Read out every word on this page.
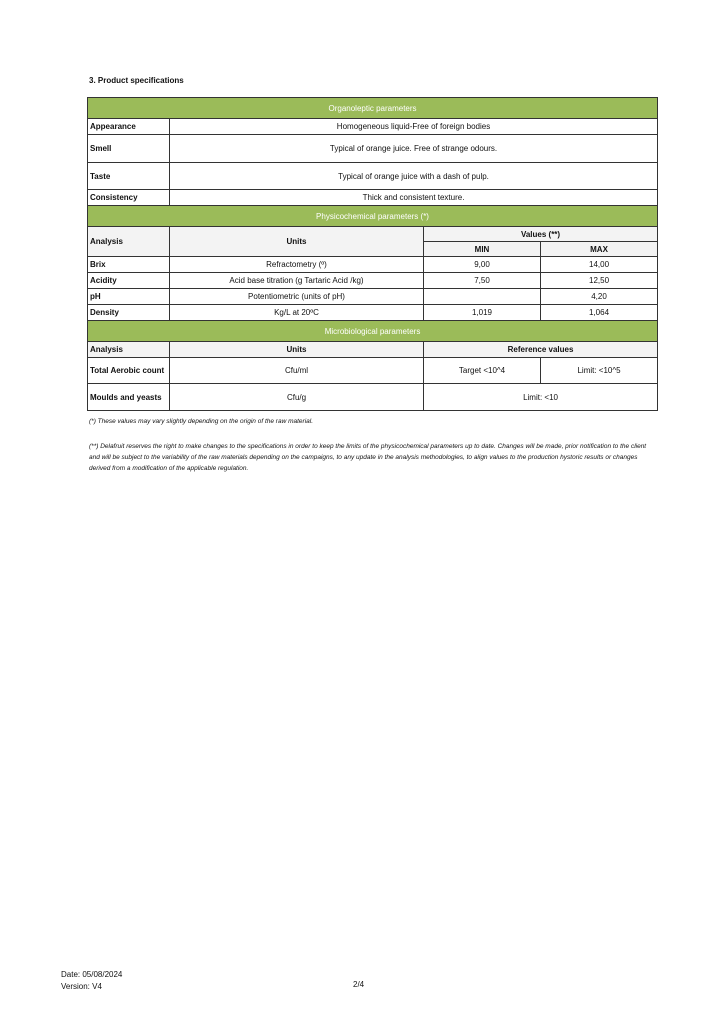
3. Product specifications
Organoleptic parameters			
Appearance	Homogeneous liquid-Free of foreign bodies		
Smell	Typical of orange juice. Free of strange odours.		
Taste	Typical of orange juice with a dash of pulp.		
Consistency	Thick and consistent texture.		
Physicochemical parameters (*)			
Analysis	Units	Values (**)	
		MIN	MAX
Brix	Refractometry (º)	9,00	14,00
Acidity	Acid base titration (g Tartaric Acid /kg)	7,50	12,50
pH	Potentiometric (units of pH)		4,20
Density	Kg/L at 20ºC	1,019	1,064
Microbiological parameters			
Analysis	Units	Reference values	
Total Aerobic count	Cfu/ml	Target <10^4	Limit: <10^5
Moulds and yeasts	Cfu/g	Limit: <10	
(*) These values may vary slightly depending on the origin of the raw material.
(**) Delafruit reserves the right to make changes to the specifications in order to keep the limits of the physicochemical parameters up to date. Changes will be made, prior notification to the client and will be subject to the variability of the raw materials depending on the campaigns, to any update in the analysis methodologies, to align values to the production hystoric results or changes derived from a modification of the applicable regulation.
Date: 05/08/2024
Version: V4	2/4
